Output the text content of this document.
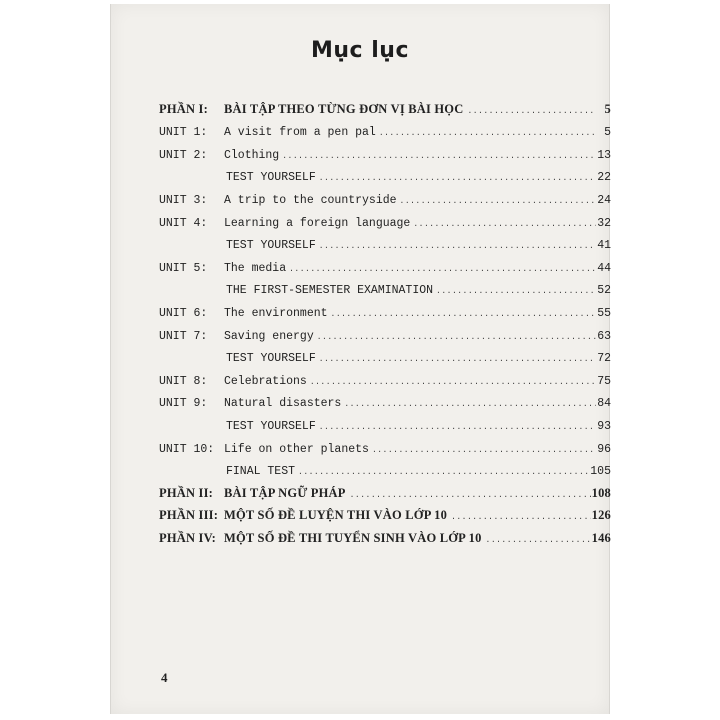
Mục lục
PHẦN I: BÀI TẬP THEO TỪNG ĐƠN VỊ BÀI HỌC .....	5
UNIT 1: A visit from a pen pal .....	5
UNIT 2: Clothing .....	13
TEST YOURSELF .....	22
UNIT 3: A trip to the countryside .....	24
UNIT 4: Learning a foreign language .....	32
TEST YOURSELF .....	41
UNIT 5: The media .....	44
THE FIRST-SEMESTER EXAMINATION .....	52
UNIT 6: The environment .....	55
UNIT 7: Saving energy .....	63
TEST YOURSELF .....	72
UNIT 8: Celebrations .....	75
UNIT 9: Natural disasters .....	84
TEST YOURSELF .....	93
UNIT 10: Life on other planets .....	96
FINAL TEST .....	105
PHẦN II: BÀI TẬP NGỮ PHÁP .....	108
PHẦN III: MỘT SỐ ĐỀ LUYỆN THI VÀO LỚP 10 .....	126
PHẦN IV: MỘT SỐ ĐỀ THI TUYỂN SINH VÀO LỚP 10 .....	146
4
